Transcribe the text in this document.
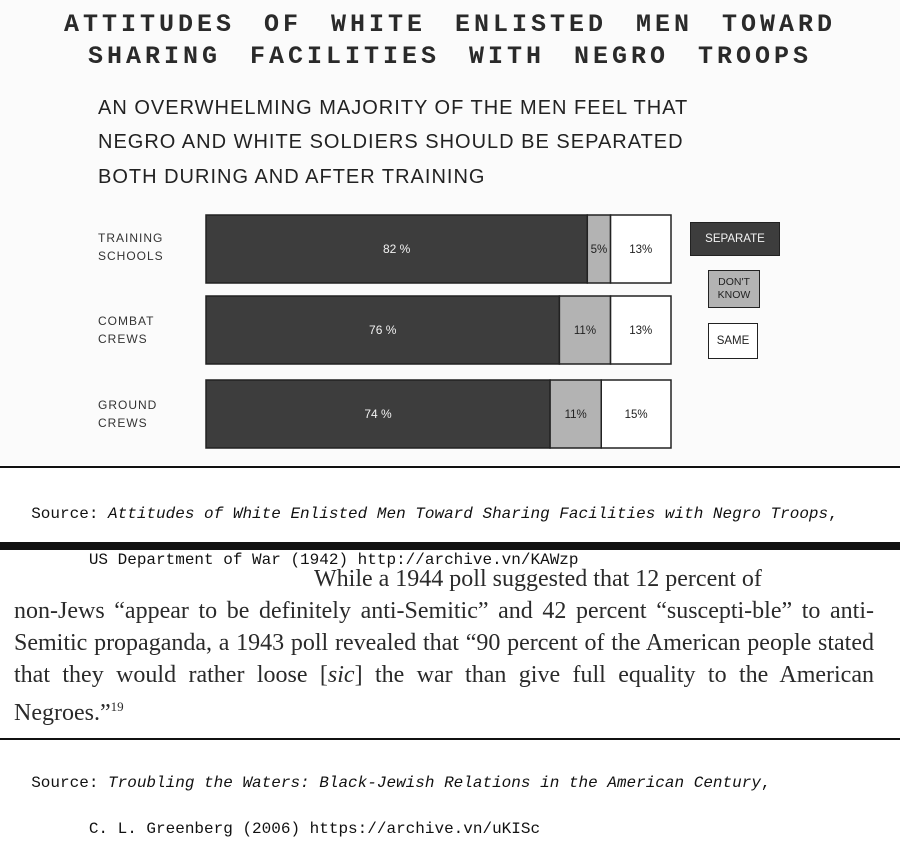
ATTITUDES OF WHITE ENLISTED MEN TOWARD
SHARING FACILITIES WITH NEGRO TROOPS
AN OVERWHELMING MAJORITY OF THE MEN FEEL THAT
NEGRO AND WHITE SOLDIERS SHOULD BE SEPARATED
BOTH DURING AND AFTER TRAINING
TRAINING
SCHOOLS
COMBAT
CREWS
GROUND
CREWS
82 %	5% 13%
76 %	11%	13%
74 %	11%	15%
SEPARATE
DON'T
KNOW
SAME

Source: Attitudes of White Enlisted Men Toward Sharing Facilities with Negro Troops,

US Department of War (1942) http://archive.vn/KAWzp

While a 1944 poll suggested that 12 percent of
non-Jews “appear to be definitely anti-Semitic” and 42 percent “suscepti-ble” to anti-Semitic propaganda, a 1943 poll revealed that “90 percent of the American people stated that they would rather loose [sic] the war than give full equality to the American Negroes.”$^{19}$

Source: Troubling the Waters: Black-Jewish Relations in the American Century,

C. L. Greenberg (2006) https://archive.vn/uKISc
